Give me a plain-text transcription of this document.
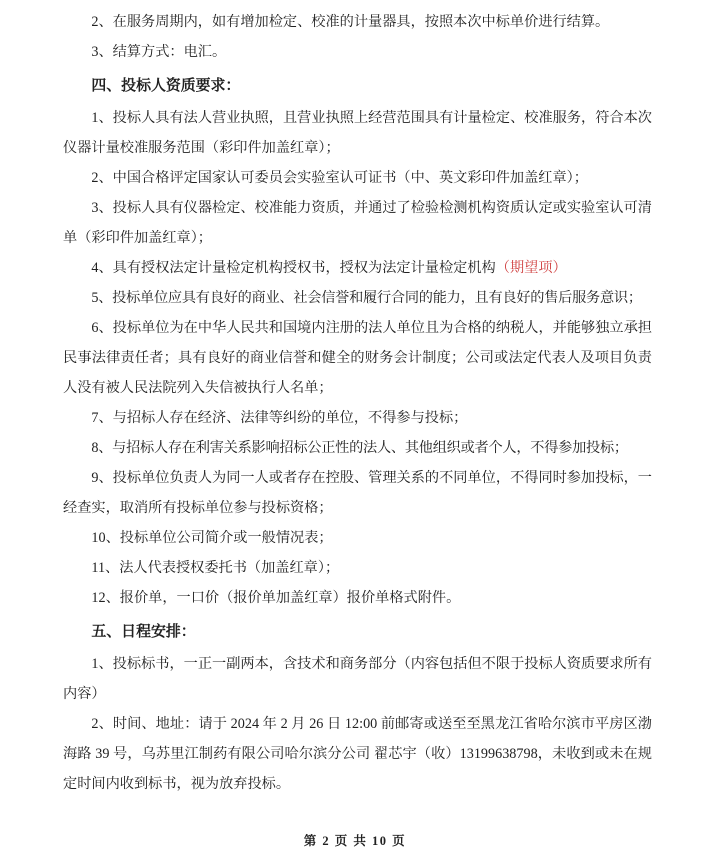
2、在服务周期内，如有增加检定、校准的计量器具，按照本次中标单价进行结算。

3、结算方式：电汇。

四、投标人资质要求：

1、投标人具有法人营业执照，且营业执照上经营范围具有计量检定、校准服务，符合本次仪器计量校准服务范围（彩印件加盖红章）；

2、中国合格评定国家认可委员会实验室认可证书（中、英文彩印件加盖红章）；

3、投标人具有仪器检定、校准能力资质，并通过了检验检测机构资质认定或实验室认可清单（彩印件加盖红章）；

4、具有授权法定计量检定机构授权书，授权为法定计量检定机构（期望项）

5、投标单位应具有良好的商业、社会信誉和履行合同的能力，且有良好的售后服务意识；

6、投标单位为在中华人民共和国境内注册的法人单位且为合格的纳税人，并能够独立承担民事法律责任者；具有良好的商业信誉和健全的财务会计制度；公司或法定代表人及项目负责人没有被人民法院列入失信被执行人名单；

7、与招标人存在经济、法律等纠纷的单位，不得参与投标；

8、与招标人存在利害关系影响招标公正性的法人、其他组织或者个人，不得参加投标；

9、投标单位负责人为同一人或者存在控股、管理关系的不同单位，不得同时参加投标，一经查实，取消所有投标单位参与投标资格；

10、投标单位公司简介或一般情况表；

11、法人代表授权委托书（加盖红章）；

12、报价单，一口价（报价单加盖红章）报价单格式附件。

五、日程安排：

1、投标标书，一正一副两本，含技术和商务部分（内容包括但不限于投标人资质要求所有内容）

2、时间、地址：请于 2024 年 2 月 26 日 12:00 前邮寄或送至至黑龙江省哈尔滨市平房区渤海路 39 号，乌苏里江制药有限公司哈尔滨分公司 翟芯宇（收）13199638798，未收到或未在规定时间内收到标书，视为放弃投标。

第 2 页 共 10 页
